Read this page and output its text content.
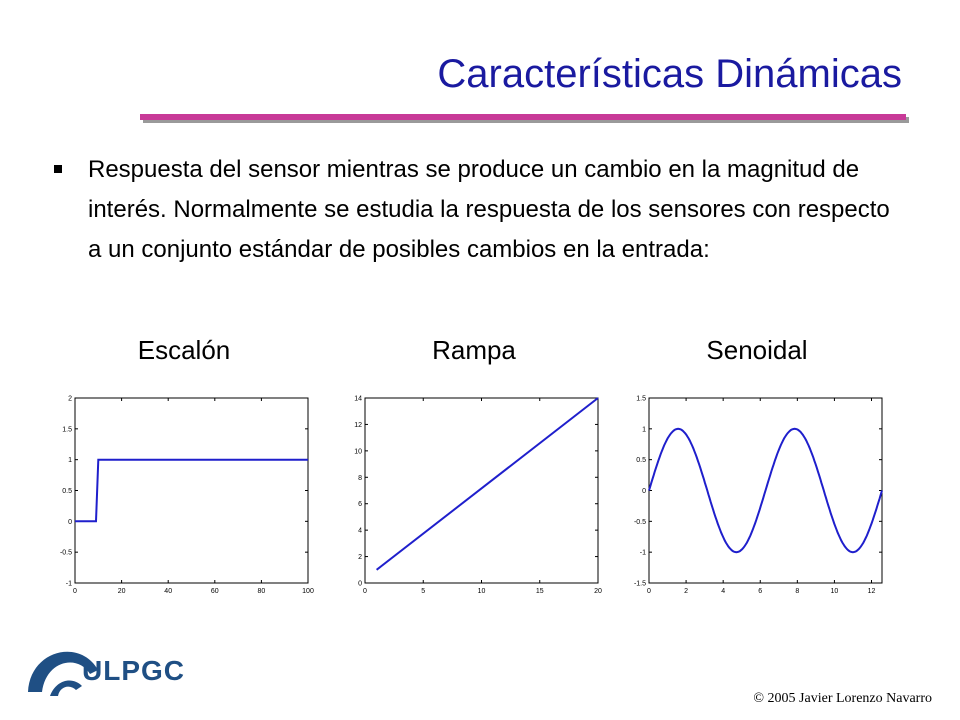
Características Dinámicas
Respuesta del sensor mientras se produce un cambio en la magnitud de interés. Normalmente se estudia la respuesta de los sensores con respecto a un conjunto estándar de posibles cambios en la entrada:
Escalón	Rampa	Senoidal
0	20	40	60	80	100
-1
-0.5
0
0.5
1
1.5
2
0	5	10	15	20
0
2
4
6
8
10
12
14
0	2	4	6	8	10	12
-1.5
-1
-0.5
0
0.5
1
1.5
ULPGC
© 2005 Javier Lorenzo Navarro
